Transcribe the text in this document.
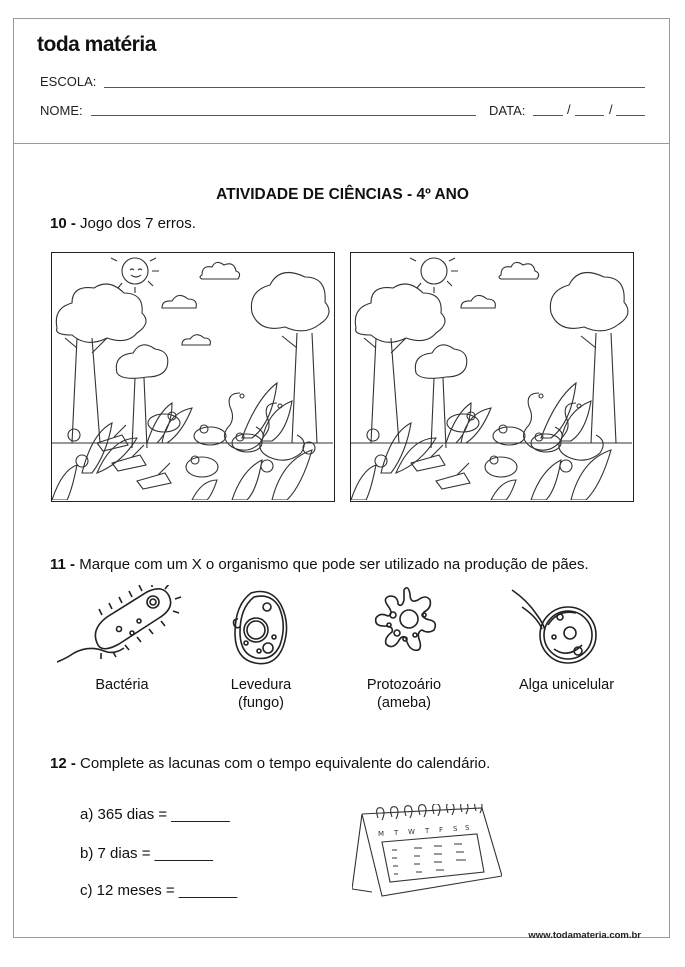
toda matéria
ESCOLA:
NOME:	DATA:	/	/
ATIVIDADE DE CIÊNCIAS - 4º ANO
10 - Jogo dos 7 erros.
11 - Marque com um X o organismo que pode ser utilizado na produção de pães.
Bactéria	Levedura
(fungo)
Protozoário
(ameba)
Alga unicelular
12 - Complete as lacunas com o tempo equivalente do calendário.
a) 365 dias = _______
b) 7 dias = _______
c) 12 meses = _______
M T W T F S S
www.todamateria.com.br
